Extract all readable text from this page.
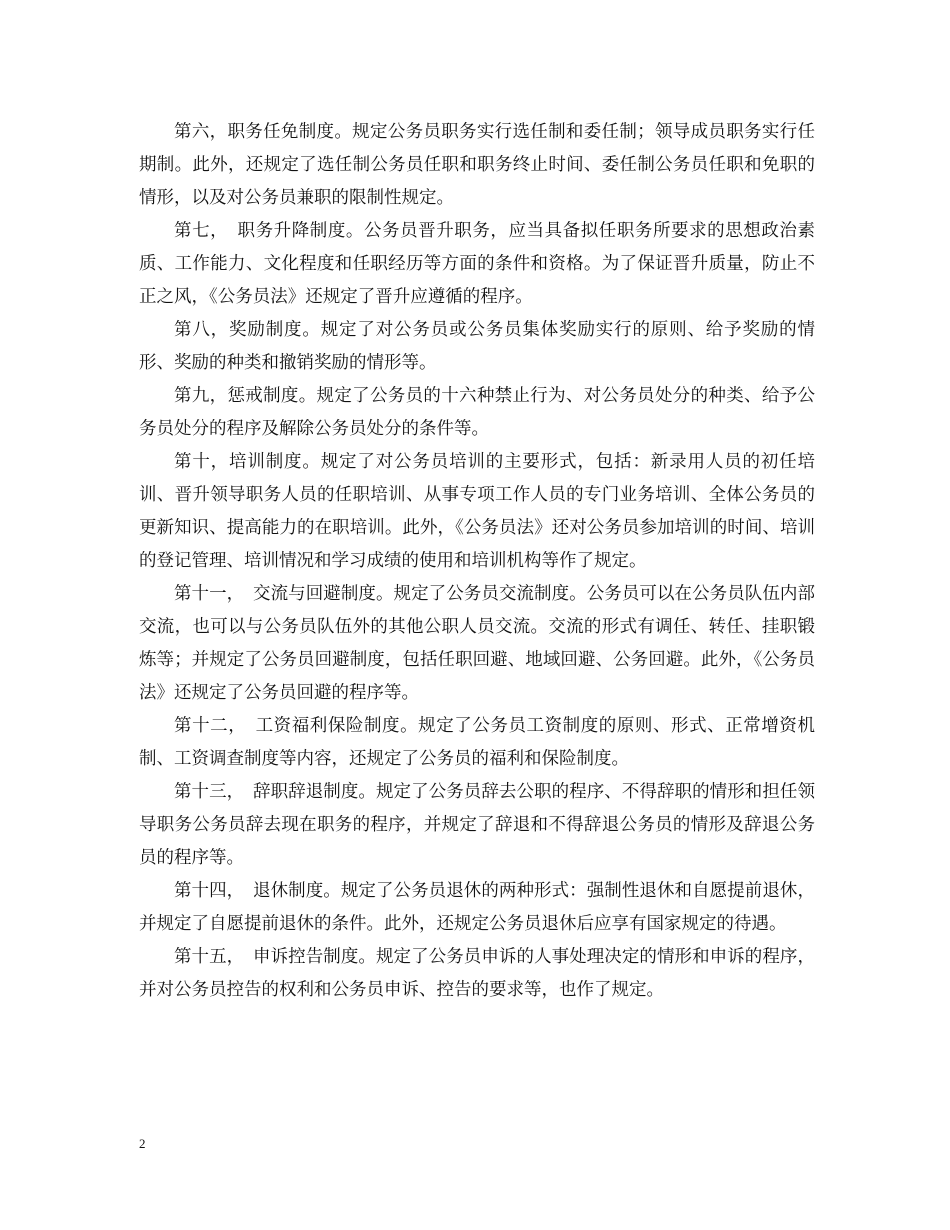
第六，职务任免制度。规定公务员职务实行选任制和委任制；领导成员职务实行任期制。此外，还规定了选任制公务员任职和职务终止时间、委任制公务员任职和免职的情形，以及对公务员兼职的限制性规定。

第七，　职务升降制度。公务员晋升职务，应当具备拟任职务所要求的思想政治素质、工作能力、文化程度和任职经历等方面的条件和资格。为了保证晋升质量，防止不正之风，《公务员法》还规定了晋升应遵循的程序。

第八，奖励制度。规定了对公务员或公务员集体奖励实行的原则、给予奖励的情形、奖励的种类和撤销奖励的情形等。

第九，惩戒制度。规定了公务员的十六种禁止行为、对公务员处分的种类、给予公务员处分的程序及解除公务员处分的条件等。

第十，培训制度。规定了对公务员培训的主要形式，包括：新录用人员的初任培训、晋升领导职务人员的任职培训、从事专项工作人员的专门业务培训、全体公务员的更新知识、提高能力的在职培训。此外，《公务员法》还对公务员参加培训的时间、培训的登记管理、培训情况和学习成绩的使用和培训机构等作了规定。

第十一，　交流与回避制度。规定了公务员交流制度。公务员可以在公务员队伍内部交流，也可以与公务员队伍外的其他公职人员交流。交流的形式有调任、转任、挂职锻炼等；并规定了公务员回避制度，包括任职回避、地域回避、公务回避。此外，《公务员法》还规定了公务员回避的程序等。

第十二，　工资福利保险制度。规定了公务员工资制度的原则、形式、正常增资机制、工资调查制度等内容，还规定了公务员的福利和保险制度。

第十三，　辞职辞退制度。规定了公务员辞去公职的程序、不得辞职的情形和担任领导职务公务员辞去现在职务的程序，并规定了辞退和不得辞退公务员的情形及辞退公务员的程序等。

第十四，　退休制度。规定了公务员退休的两种形式：强制性退休和自愿提前退休，并规定了自愿提前退休的条件。此外，还规定公务员退休后应享有国家规定的待遇。

第十五，　申诉控告制度。规定了公务员申诉的人事处理决定的情形和申诉的程序，并对公务员控告的权利和公务员申诉、控告的要求等，也作了规定。

2
